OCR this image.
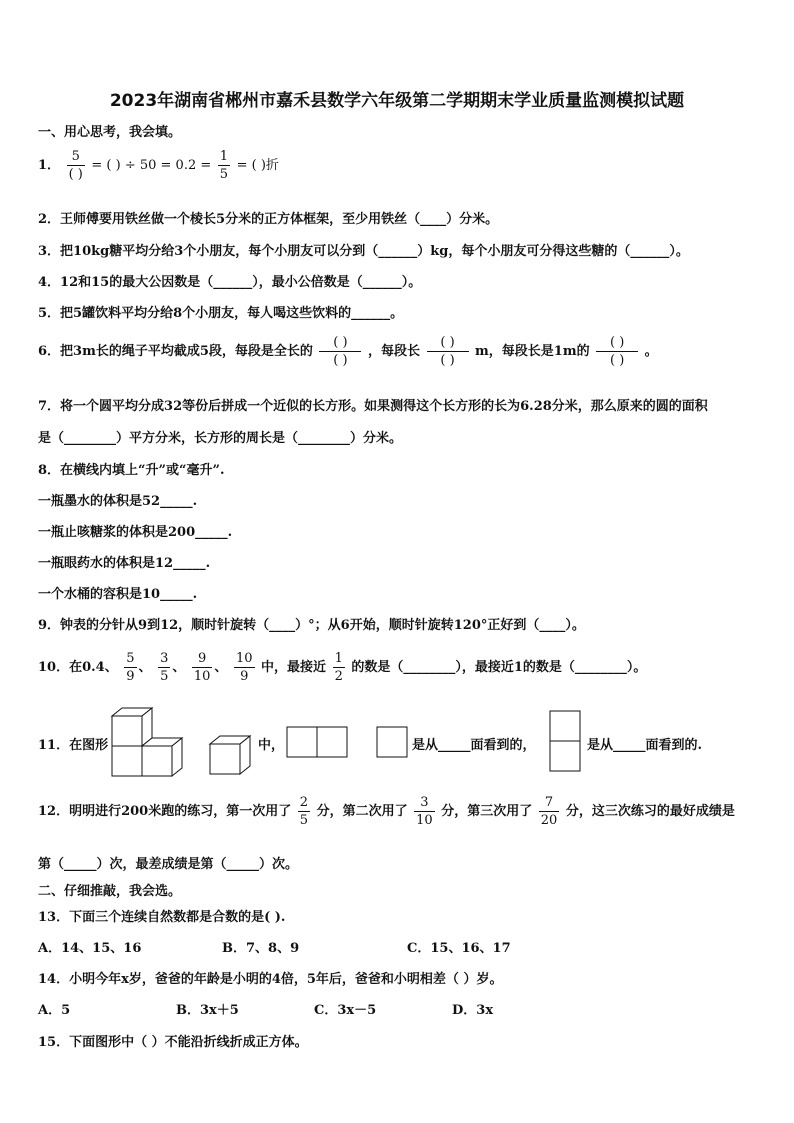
2023年湖南省郴州市嘉禾县数学六年级第二学期期末学业质量监测模拟试题
一、用心思考，我会填。
1． $\frac{5}{( )}$ = ( ) ÷ $50 = 0.2 = \frac{1}{5}$ = ( )折
2．王师傅要用铁丝做一个棱长5分米的正方体框架，至少用铁丝（____）分米。
3．把10kg糖平均分给3个小朋友，每个小朋友可以分到（______）kg，每个小朋友可分得这些糖的（______）。
4．12和15的最大公因数是（______），最小公倍数是（______）。
5．把5罐饮料平均分给8个小朋友，每人喝这些饮料的______。
6．把3m长的绳子平均截成5段，每段是全长的 $\frac{( )}{( )}$ ，每段长 $\frac{( )}{( )}$ m，每段长是1m的 $\frac{( )}{( )}$ 。
7．将一个圆平均分成32等份后拼成一个近似的长方形。如果测得这个长方形的长为6.28分米，那么原来的圆的面积
是（________）平方分米，长方形的周长是（________）分米。
8．在横线内填上“升”或“毫升”.
一瓶墨水的体积是52_____.
一瓶止咳糖浆的体积是200_____.
一瓶眼药水的体积是12_____.
一个水桶的容积是10_____.
9．钟表的分针从9到12，顺时针旋转（____）°；从6开始，顺时针旋转120°正好到（____）。
10．在0.4、 $\frac{5}{9}$ 、 $\frac{3}{5}$ 、 $\frac{9}{10}$ 、 $\frac{10}{9}$ 中，最接近 $\frac{1}{2}$ 的数是（________），最接近1的数是（________）。
11．在图形	中，	是从_____面看到的，	是从_____面看到的.
12．明明进行200米跑的练习，第一次用了 $\frac{2}{5}$ 分，第二次用了 $\frac{3}{10}$ 分，第三次用了 $\frac{7}{20}$ 分，这三次练习的最好成绩是
第（_____）次，最差成绩是第（_____）次。
二、仔细推敲，我会选。
13．下面三个连续自然数都是合数的是( ).
A．14、15、16	B．7、8、9	C．15、16、17
14．小明今年x岁，爸爸的年龄是小明的4倍，5年后，爸爸和小明相差（ ）岁。
A．5	B．3x＋5	C．3x－5	D．3x
15．下面图形中（ ）不能沿折线折成正方体。
